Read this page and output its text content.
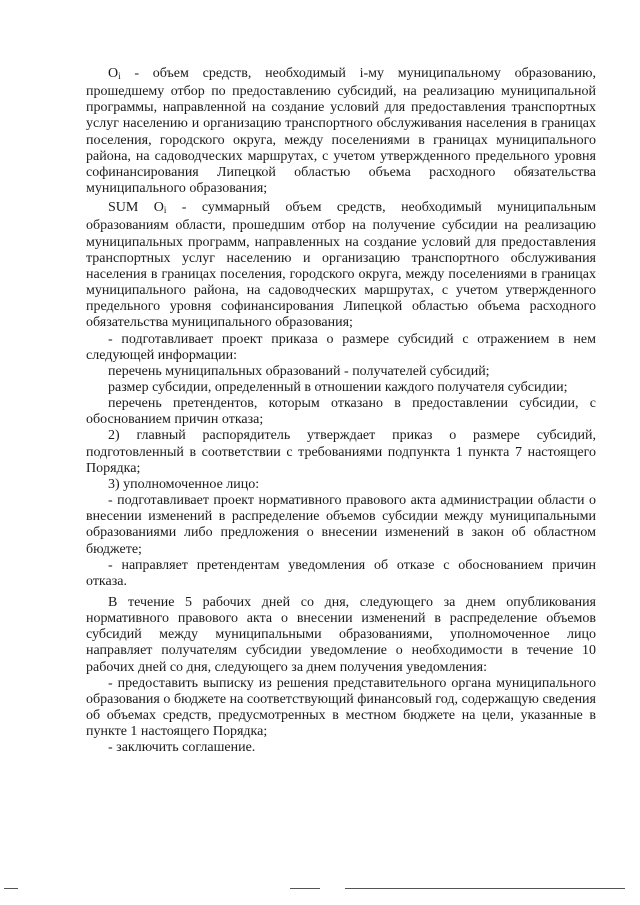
$O_i$ - объем средств, необходимый i-му муниципальному образованию, прошедшему отбор по предоставлению субсидий, на реализацию муниципальной программы, направленной на создание условий для предоставления транспортных услуг населению и организацию транспортного обслуживания населения в границах поселения, городского округа, между поселениями в границах муниципального района, на садоводческих маршрутах, с учетом утвержденного предельного уровня софинансирования Липецкой областью объема расходного обязательства муниципального образования;

SUM $O_i$ - суммарный объем средств, необходимый муниципальным образованиям области, прошедшим отбор на получение субсидии на реализацию муниципальных программ, направленных на создание условий для предоставления транспортных услуг населению и организацию транспортного обслуживания населения в границах поселения, городского округа, между поселениями в границах муниципального района, на садоводческих маршрутах, с учетом утвержденного предельного уровня софинансирования Липецкой областью объема расходного обязательства муниципального образования;

- подготавливает проект приказа о размере субсидий с отражением в нем следующей информации:

перечень муниципальных образований - получателей субсидий;

размер субсидии, определенный в отношении каждого получателя субсидии;

перечень претендентов, которым отказано в предоставлении субсидии, с обоснованием причин отказа;

2) главный распорядитель утверждает приказ о размере субсидий, подготовленный в соответствии с требованиями подпункта 1 пункта 7 настоящего Порядка;

3) уполномоченное лицо:

- подготавливает проект нормативного правового акта администрации области о внесении изменений в распределение объемов субсидии между муниципальными образованиями либо предложения о внесении изменений в закон об областном бюджете;

- направляет претендентам уведомления об отказе с обоснованием причин отказа.

В течение 5 рабочих дней со дня, следующего за днем опубликования нормативного правового акта о внесении изменений в распределение объемов субсидий между муниципальными образованиями, уполномоченное лицо направляет получателям субсидии уведомление о необходимости в течение 10 рабочих дней со дня, следующего за днем получения уведомления:

- предоставить выписку из решения представительного органа муниципального образования о бюджете на соответствующий финансовый год, содержащую сведения об объемах средств, предусмотренных в местном бюджете на цели, указанные в пункте 1 настоящего Порядка;

- заключить соглашение.
